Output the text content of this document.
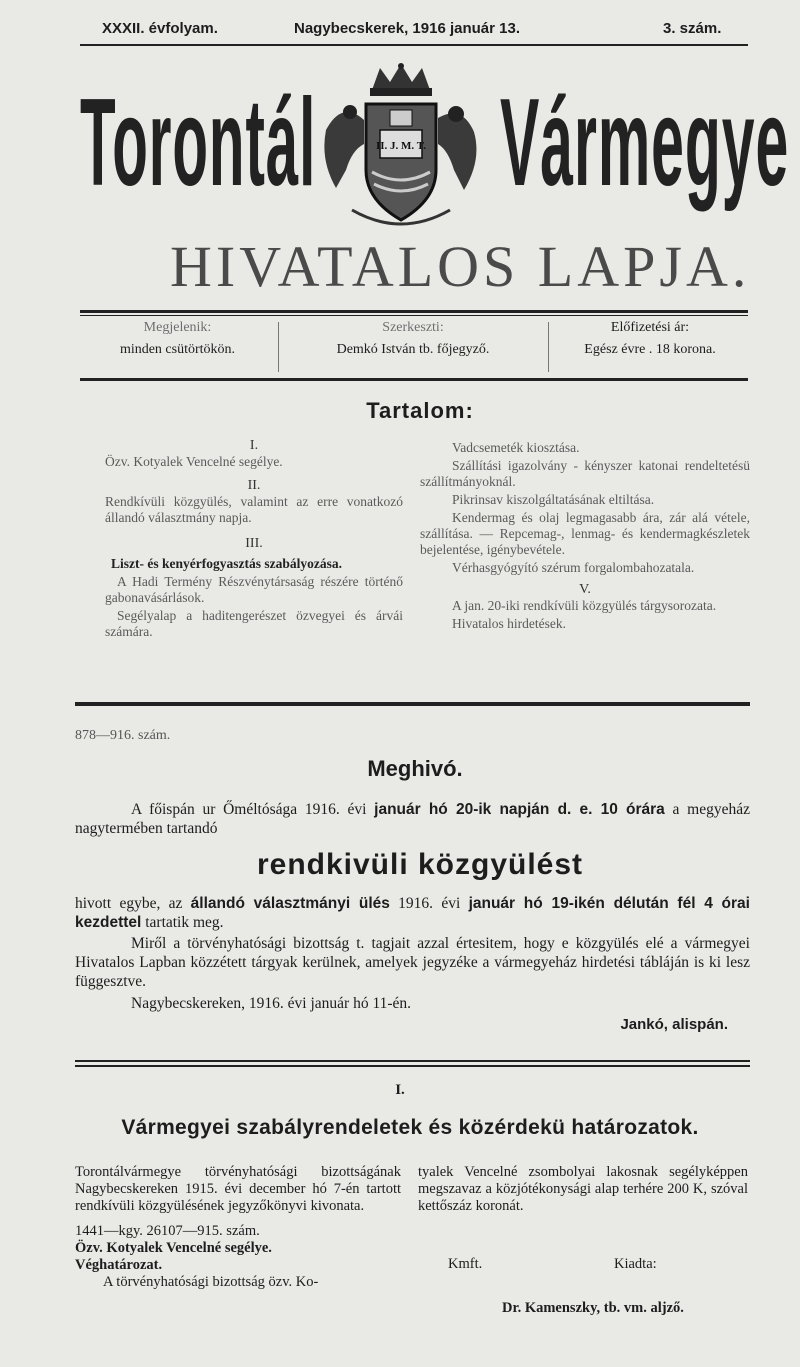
XXXII. évfolyam.	Nagybecskerek, 1916 január 13.	3. szám.
Torontál Vármegye
II. J. M. T.
HIVATALOS LAPJA.
Megjelenik:
minden csütörtökön.
Szerkeszti:
Demkó István tb. főjegyző.
Előfizetési ár:
Egész évre . 18 korona.
Tartalom:
I.

Özv. Kotyalek Vencelné segélye.

II.

Rendkívüli közgyülés, valamint az erre vonatkozó állandó választmány napja.

III.

Liszt- és kenyérfogyasztás szabályozása.

A Hadi Termény Részvénytársaság részére történő gabonavásárlások.

Segélyalap a haditengerészet özvegyei és árvái számára.

Vadcsemeték kiosztása.

Szállítási igazolvány - kényszer katonai rendeltetésü szállítmányoknál.

Pikrinsav kiszolgáltatásának eltiltása.

Kendermag és olaj legmagasabb ára, zár alá vétele, szállítása. — Repcemag-, lenmag- és kendermagkészletek bejelentése, igénybevétele.

Vérhasgyógyító szérum forgalombahozatala.

V.

A jan. 20-iki rendkívüli közgyülés tárgysorozata.

Hivatalos hirdetések.

878—916. szám.
Meghivó.
A főispán ur Őméltósága 1916. évi január hó 20-ik napján d. e. 10 órára a megyeház nagytermében tartandó
rendkivüli közgyülést
hivott egybe, az állandó választmányi ülés 1916. évi január hó 19-ikén délután fél 4 órai kezdettel tartatik meg.
Miről a törvényhatósági bizottság t. tagjait azzal értesitem, hogy e közgyülés elé a vármegyei Hivatalos Lapban közzétett tárgyak kerülnek, amelyek jegyzéke a vármegyeház hirdetési tábláján is ki lesz függesztve.
Nagybecskereken, 1916. évi január hó 11-én.
Jankó, alispán.
I.
Vármegyei szabályrendeletek és közérdekü határozatok.

Torontálvármegye törvényhatósági bizottságának Nagybecskereken 1915. évi december hó 7-én tartott rendkívüli közgyülésének jegyzőkönyvi kivonata.

1441—kgy. 26107—915. szám.

Özv. Kotyalek Vencelné segélye.

Véghatározat.

A törvényhatósági bizottság özv. Ko-

tyalek Vencelné zsombolyai lakosnak segélyképpen megszavaz a közjótékonysági alap terhére 200 K, szóval kettőszáz koronát.

Kmft.	Kiadta:
Dr. Kamenszky, tb. vm. aljző.
